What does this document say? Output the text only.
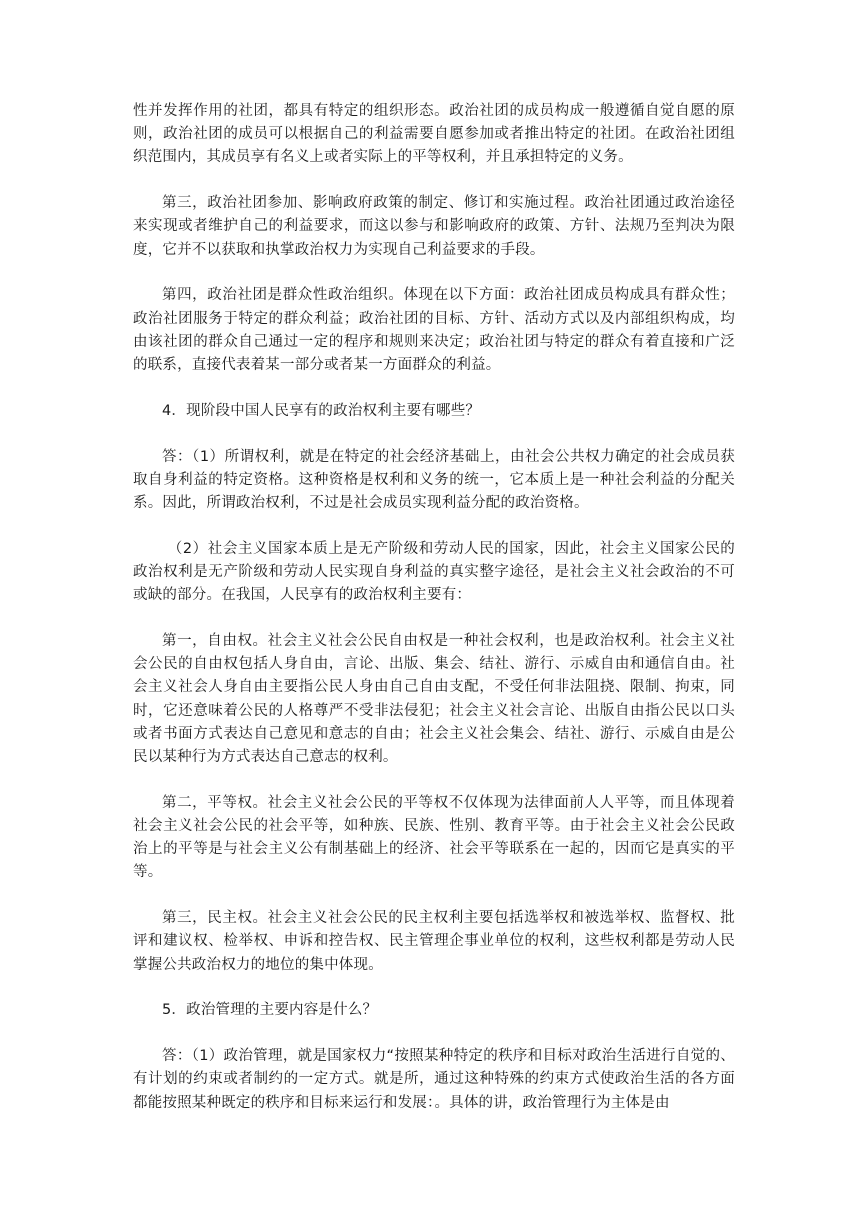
性并发挥作用的社团，都具有特定的组织形态。政治社团的成员构成一般遵循自觉自愿的原则，政治社团的成员可以根据自己的利益需要自愿参加或者推出特定的社团。在政治社团组织范围内，其成员享有名义上或者实际上的平等权利，并且承担特定的义务。

第三，政治社团参加、影响政府政策的制定、修订和实施过程。政治社团通过政治途径来实现或者维护自己的利益要求，而这以参与和影响政府的政策、方针、法规乃至判决为限度，它并不以获取和执掌政治权力为实现自己利益要求的手段。

第四，政治社团是群众性政治组织。体现在以下方面：政治社团成员构成具有群众性；政治社团服务于特定的群众利益；政治社团的目标、方针、活动方式以及内部组织构成，均由该社团的群众自己通过一定的程序和规则来决定；政治社团与特定的群众有着直接和广泛的联系，直接代表着某一部分或者某一方面群众的利益。

4．现阶段中国人民享有的政治权利主要有哪些？

答：（1）所谓权利，就是在特定的社会经济基础上，由社会公共权力确定的社会成员获取自身利益的特定资格。这种资格是权利和义务的统一，它本质上是一种社会利益的分配关系。因此，所谓政治权利，不过是社会成员实现利益分配的政治资格。

（2）社会主义国家本质上是无产阶级和劳动人民的国家，因此，社会主义国家公民的政治权利是无产阶级和劳动人民实现自身利益的真实整字途径，是社会主义社会政治的不可或缺的部分。在我国，人民享有的政治权利主要有：

第一，自由权。社会主义社会公民自由权是一种社会权利，也是政治权利。社会主义社会公民的自由权包括人身自由，言论、出版、集会、结社、游行、示威自由和通信自由。社会主义社会人身自由主要指公民人身由自己自由支配，不受任何非法阻挠、限制、拘束，同时，它还意味着公民的人格尊严不受非法侵犯；社会主义社会言论、出版自由指公民以口头或者书面方式表达自己意见和意志的自由；社会主义社会集会、结社、游行、示威自由是公民以某种行为方式表达自己意志的权利。

第二，平等权。社会主义社会公民的平等权不仅体现为法律面前人人平等，而且体现着社会主义社会公民的社会平等，如种族、民族、性别、教育平等。由于社会主义社会公民政治上的平等是与社会主义公有制基础上的经济、社会平等联系在一起的，因而它是真实的平等。

第三，民主权。社会主义社会公民的民主权利主要包括选举权和被选举权、监督权、批评和建议权、检举权、申诉和控告权、民主管理企事业单位的权利，这些权利都是劳动人民掌握公共政治权力的地位的集中体现。

5．政治管理的主要内容是什么？

答：（1）政治管理，就是国家权力“按照某种特定的秩序和目标对政治生活进行自觉的、有计划的约束或者制约的一定方式。就是所，通过这种特殊的约束方式使政治生活的各方面都能按照某种既定的秩序和目标来运行和发展：。具体的讲，政治管理行为主体是由
